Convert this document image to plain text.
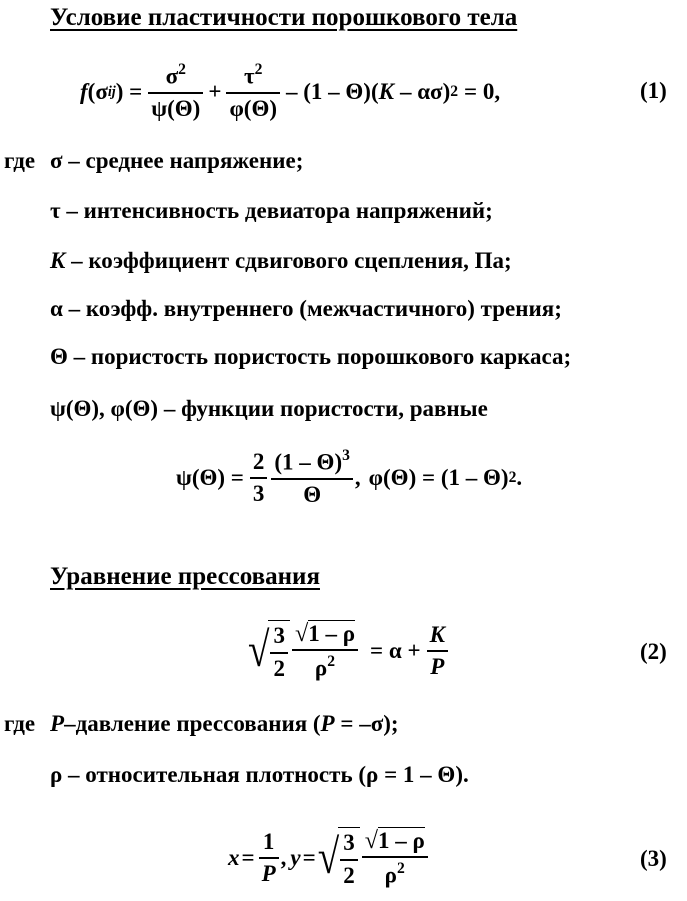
Условие пластичности порошкового тела
f (σ ij ) = $\frac{\sigma^2}{\psi(\Theta)} + \frac{\tau^2}{\varphi(\Theta)} - (1 - \Theta)$( K – ασ) 2 = 0,	(1)
где σ – среднее напряжение;
τ – интенсивность девиатора напряжений;
K – коэффициент сдвигового сцепления, Па;
α – коэфф. внутреннего (межчастичного) трения;
Θ – пористость пористость порошкового каркаса;
ψ(Θ), φ(Θ) – функции пористости, равные
$\psi(\Theta) = \frac{2}{3} \frac{(1 - \Theta)^3}{\Theta}$ , φ(Θ) = (1 – Θ) 2 .
Уравнение прессования
√ $\frac{3}{2} \frac{√1 - \rho}{\rho^2} = \alpha + \frac{K}{P}$	(2)
где P–давление прессования (P = –σ);
ρ – относительная плотность (ρ = 1 – Θ).
$x = \frac{1}{P}$ , y = √ $\frac{3}{2} \frac{√1 - \rho}{\rho^2}$	(3)
